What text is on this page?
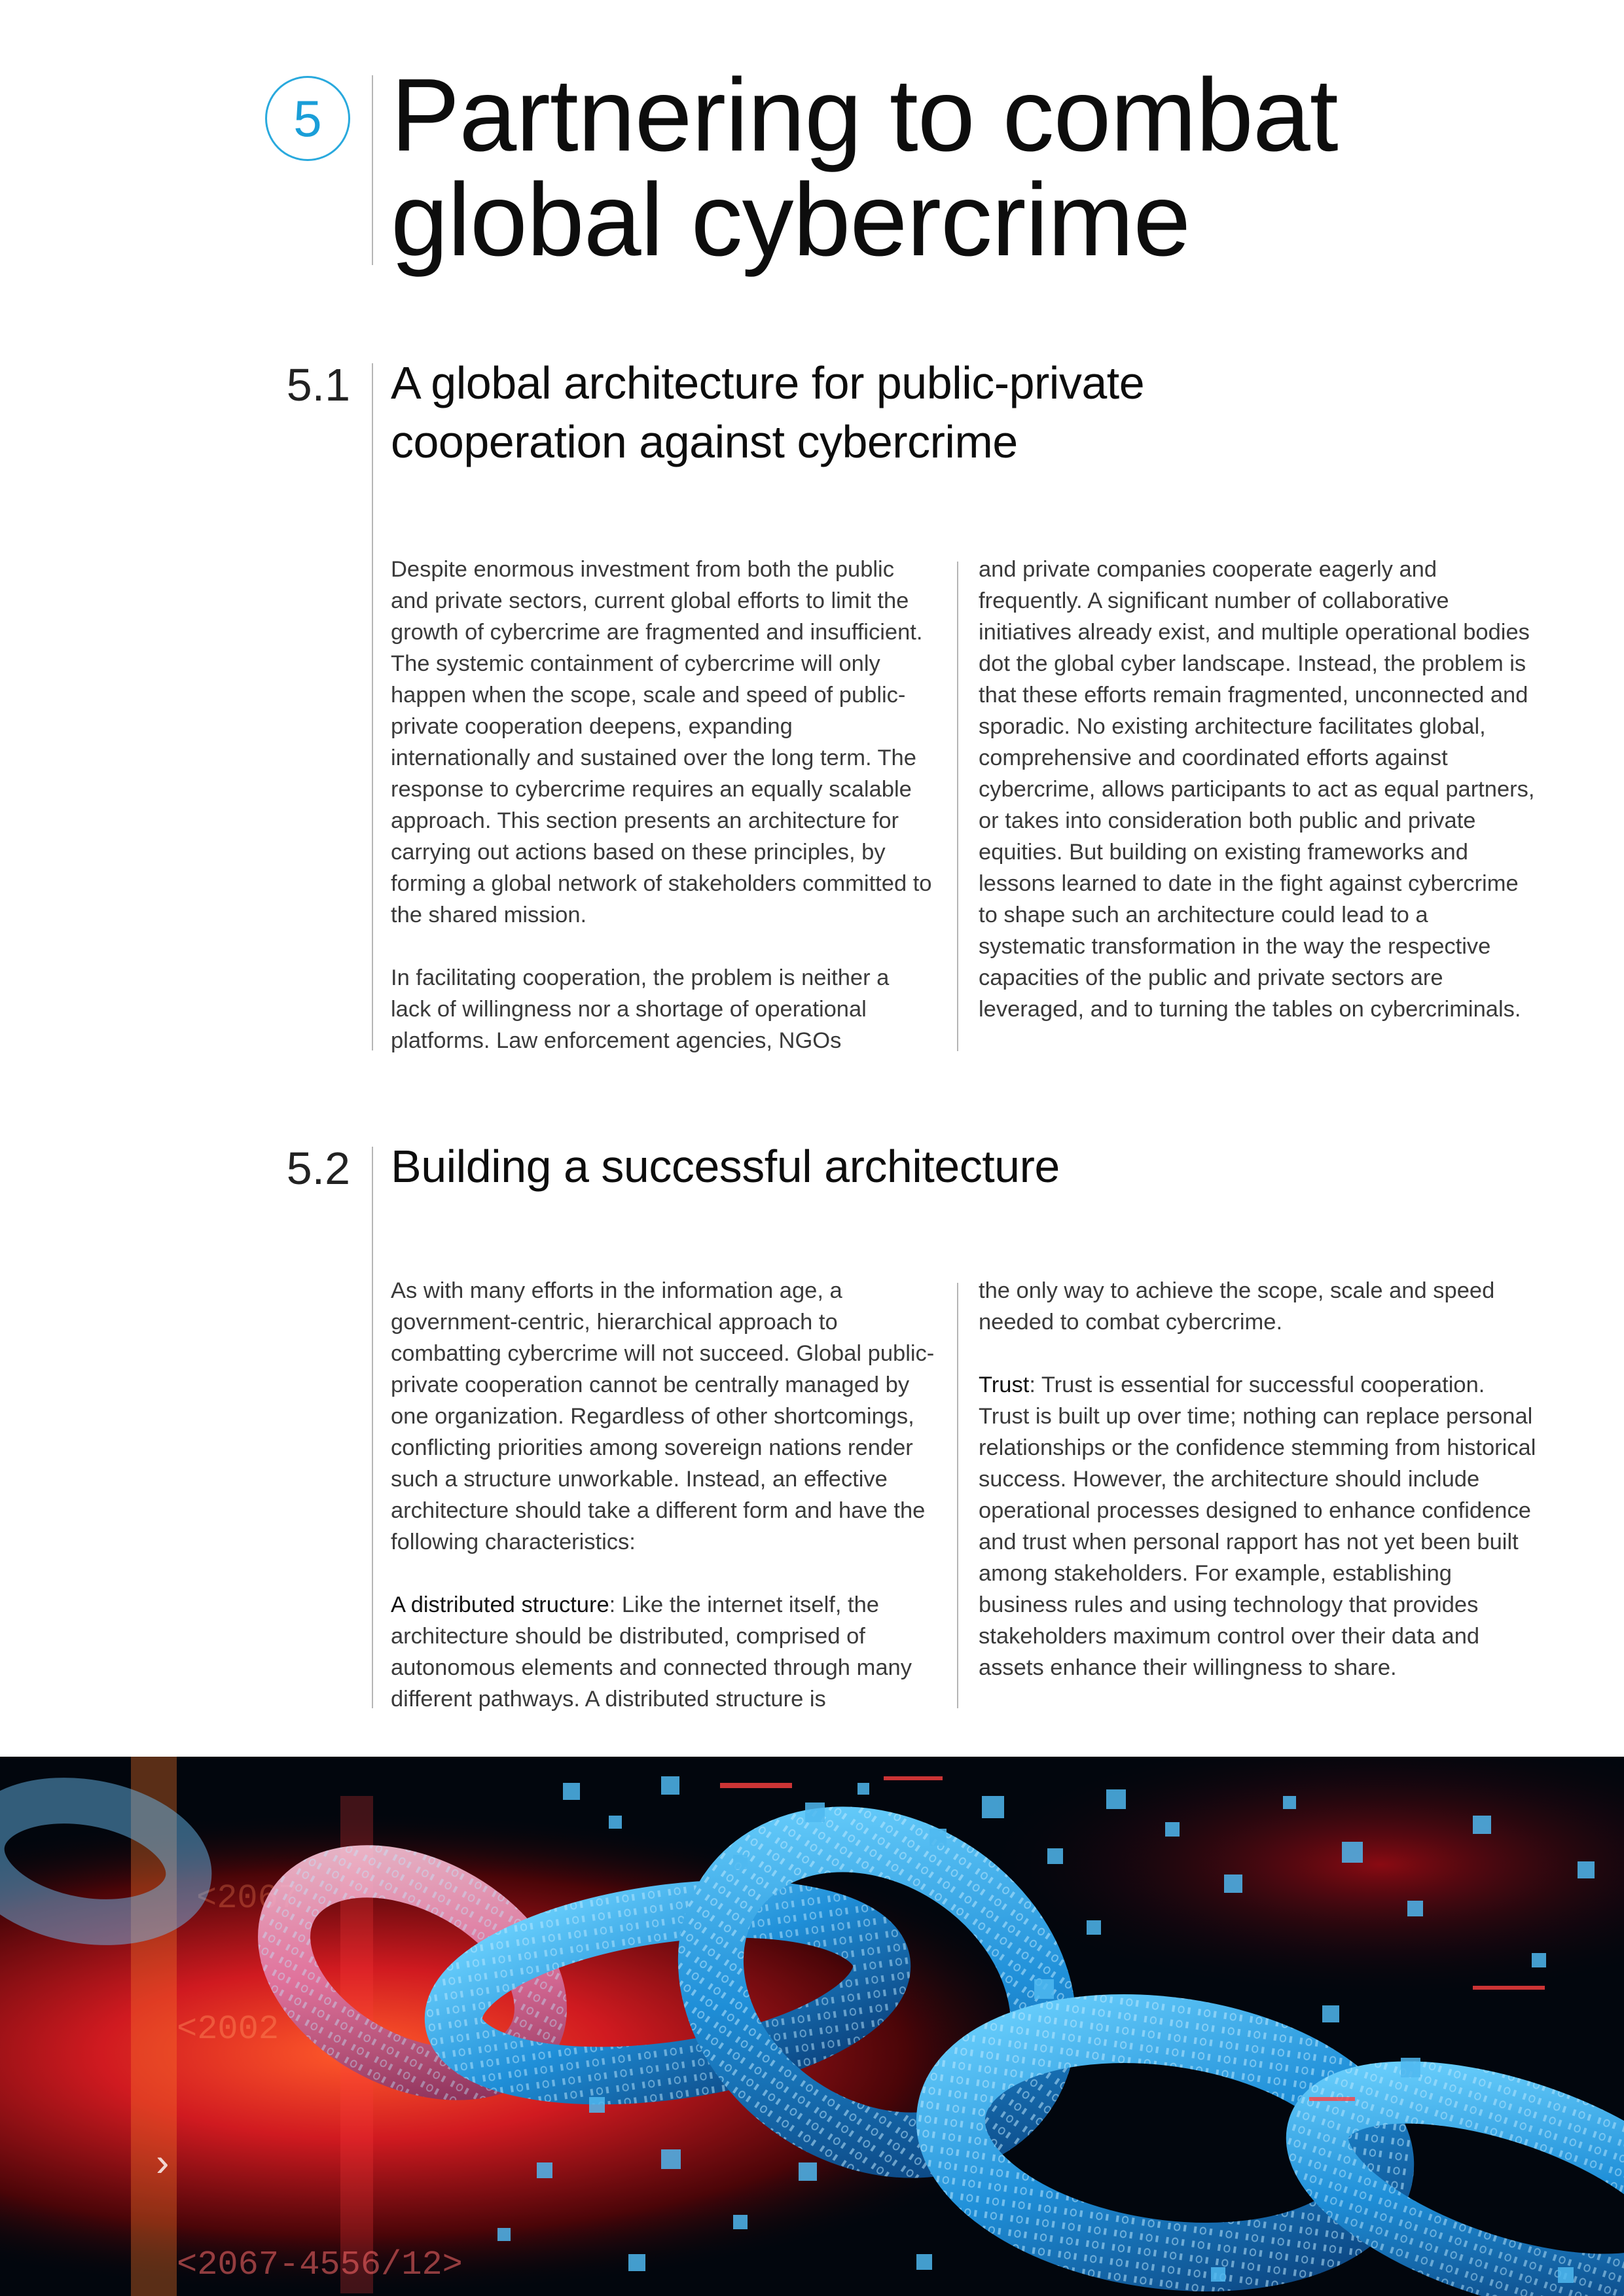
5 Partnering to combat global cybercrime
5.1 A global architecture for public-private cooperation against cybercrime

Despite enormous investment from both the public and private sectors, current global efforts to limit the growth of cybercrime are fragmented and insufficient. The systemic containment of cybercrime will only happen when the scope, scale and speed of public-private cooperation deepens, expanding internationally and sustained over the long term. The response to cybercrime requires an equally scalable approach. This section presents an architecture for carrying out actions based on these principles, by forming a global network of stakeholders committed to the shared mission.

In facilitating cooperation, the problem is neither a lack of willingness nor a shortage of operational platforms. Law enforcement agencies, NGOs

and private companies cooperate eagerly and frequently. A significant number of collaborative initiatives already exist, and multiple operational bodies dot the global cyber landscape. Instead, the problem is that these efforts remain fragmented, unconnected and sporadic. No existing architecture facilitates global, comprehensive and coordinated efforts against cybercrime, allows participants to act as equal partners, or takes into consideration both public and private equities. But building on existing frameworks and lessons learned to date in the fight against cybercrime to shape such an architecture could lead to a systematic transformation in the way the respective capacities of the public and private sectors are leveraged, and to turning the tables on cybercriminals.

5.2 Building a successful architecture

As with many efforts in the information age, a government-centric, hierarchical approach to combatting cybercrime will not succeed. Global public-private cooperation cannot be centrally managed by one organization. Regardless of other shortcomings, conflicting priorities among sovereign nations render such a structure unworkable. Instead, an effective architecture should take a different form and have the following characteristics:

A distributed structure: Like the internet itself, the architecture should be distributed, comprised of autonomous elements and connected through many different pathways. A distributed structure is

the only way to achieve the scope, scale and speed needed to combat cybercrime.

Trust: Trust is essential for successful cooperation. Trust is built up over time; nothing can replace personal relationships or the confidence stemming from historical success. However, the architecture should include operational processes designed to enhance confidence and trust when personal rapport has not yet been built among stakeholders. For example, establishing business rules and using technology that provides stakeholders maximum control over their data and assets enhance their willingness to share.

<2067-4556/12>
<2002
<2067
›
